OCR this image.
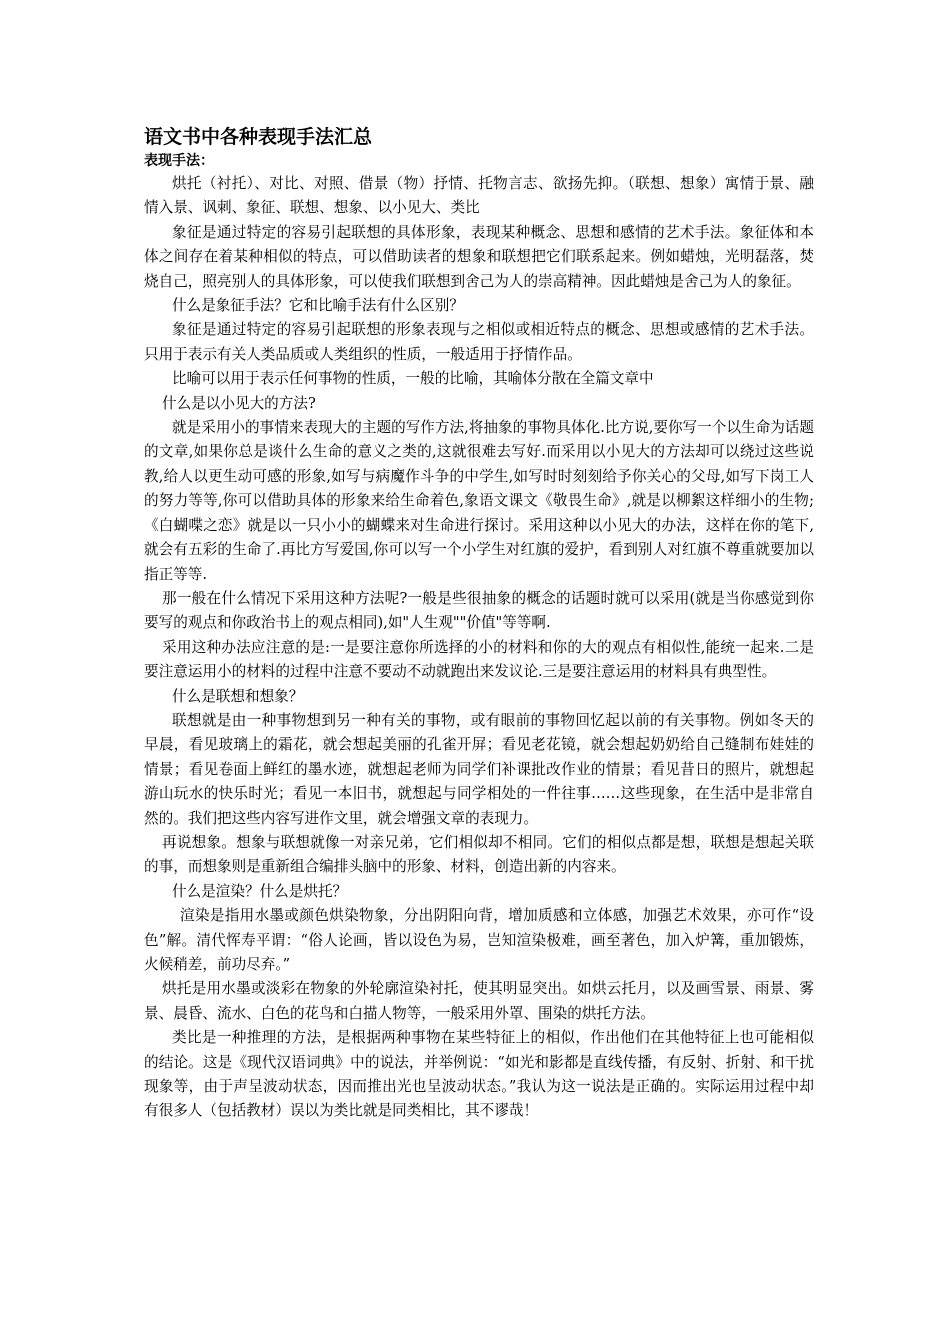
语文书中各种表现手法汇总
表现手法：

烘托（衬托）、对比、对照、借景（物）抒情、托物言志、欲扬先抑。（联想、想象）寓情于景、融情入景、讽刺、象征、联想、想象、以小见大、类比

象征是通过特定的容易引起联想的具体形象，表现某种概念、思想和感情的艺术手法。象征体和本体之间存在着某种相似的特点，可以借助读者的想象和联想把它们联系起来。例如蜡烛，光明磊落，焚烧自己，照亮别人的具体形象，可以使我们联想到舍己为人的崇高精神。因此蜡烛是舍己为人的象征。

什么是象征手法？它和比喻手法有什么区别？

象征是通过特定的容易引起联想的形象表现与之相似或相近特点的概念、思想或感情的艺术手法。只用于表示有关人类品质或人类组织的性质，一般适用于抒情作品。

比喻可以用于表示任何事物的性质，一般的比喻，其喻体分散在全篇文章中

什么是以小见大的方法?

就是采用小的事情来表现大的主题的写作方法,将抽象的事物具体化.比方说,要你写一个以生命为话题的文章,如果你总是谈什么生命的意义之类的,这就很难去写好.而采用以小见大的方法却可以绕过这些说教,给人以更生动可感的形象,如写与病魔作斗争的中学生,如写时时刻刻给予你关心的父母,如写下岗工人的努力等等,你可以借助具体的形象来给生命着色,象语文课文《敬畏生命》,就是以柳絮这样细小的生物;《白蝴喋之恋》就是以一只小小的蝴蝶来对生命进行探讨。采用这种以小见大的办法，这样在你的笔下,就会有五彩的生命了.再比方写爱国,你可以写一个小学生对红旗的爱护，看到别人对红旗不尊重就要加以指正等等.

那一般在什么情况下采用这种方法呢?一般是些很抽象的概念的话题时就可以采用(就是当你感觉到你要写的观点和你政治书上的观点相同),如"人生观""价值"等等啊.

采用这种办法应注意的是:一是要注意你所选择的小的材料和你的大的观点有相似性,能统一起来.二是要注意运用小的材料的过程中注意不要动不动就跑出来发议论.三是要注意运用的材料具有典型性。

什么是联想和想象？

联想就是由一种事物想到另一种有关的事物，或有眼前的事物回忆起以前的有关事物。例如冬天的早晨，看见玻璃上的霜花，就会想起美丽的孔雀开屏；看见老花镜，就会想起奶奶给自己缝制布娃娃的情景；看见卷面上鲜红的墨水迹，就想起老师为同学们补课批改作业的情景；看见昔日的照片，就想起游山玩水的快乐时光；看见一本旧书，就想起与同学相处的一件往事……这些现象，在生活中是非常自然的。我们把这些内容写进作文里，就会增强文章的表现力。

再说想象。想象与联想就像一对亲兄弟，它们相似却不相同。它们的相似点都是想，联想是想起关联的事，而想象则是重新组合编排头脑中的形象、材料，创造出新的内容来。

什么是渲染？什么是烘托？

渲染是指用水墨或颜色烘染物象，分出阴阳向背，增加质感和立体感，加强艺术效果，亦可作“设色”解。清代恽寿平谓：“俗人论画，皆以设色为易，岂知渲染极难，画至著色，加入炉篝，重加锻炼，火候稍差，前功尽弃。”

烘托是用水墨或淡彩在物象的外轮廓渲染衬托，使其明显突出。如烘云托月，以及画雪景、雨景、雾景、晨昏、流水、白色的花鸟和白描人物等，一般采用外罩、围染的烘托方法。

类比是一种推理的方法，是根据两种事物在某些特征上的相似，作出他们在其他特征上也可能相似的结论。这是《现代汉语词典》中的说法，并举例说：“如光和影都是直线传播，有反射、折射、和干扰现象等，由于声呈波动状态，因而推出光也呈波动状态。”我认为这一说法是正确的。实际运用过程中却有很多人（包括教材）误以为类比就是同类相比，其不谬哉！
